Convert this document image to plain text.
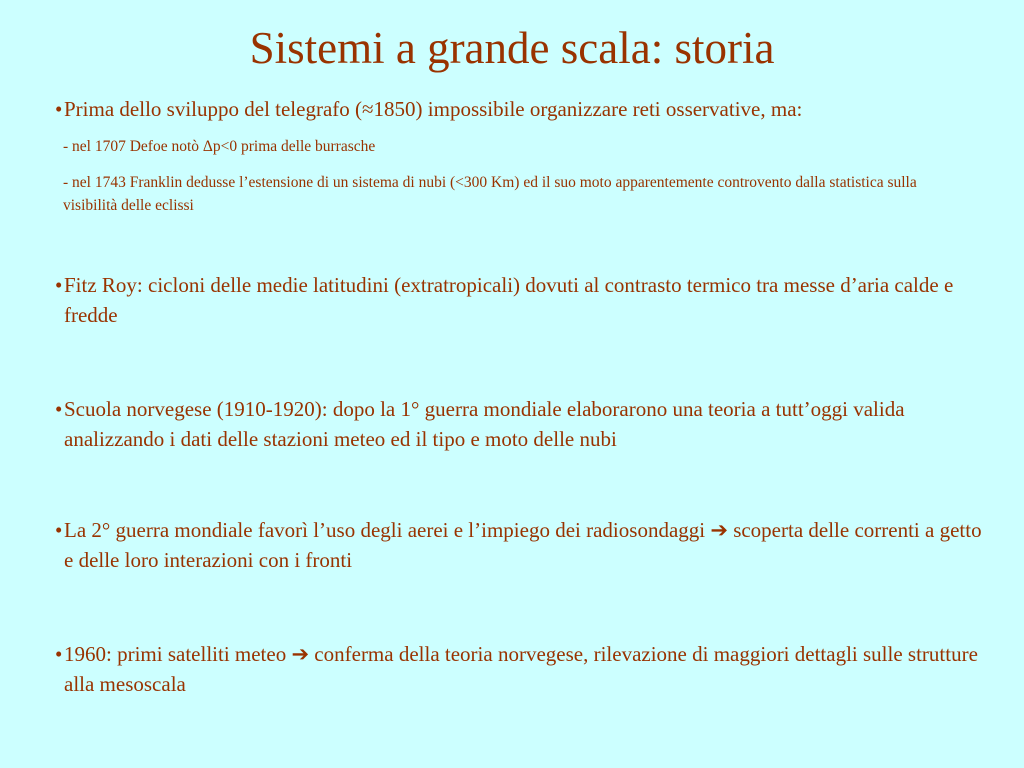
Sistemi a grande scala: storia
• Prima dello sviluppo del telegrafo (≈1850) impossibile organizzare reti osservative, ma:
- nel 1707 Defoe notò Δp<0 prima delle burrasche
- nel 1743 Franklin dedusse l’estensione di un sistema di nubi (<300 Km) ed il suo moto apparentemente controvento dalla statistica sulla visibilità delle eclissi
• Fitz Roy: cicloni delle medie latitudini (extratropicali) dovuti al contrasto termico tra messe d’aria calde e fredde
• Scuola norvegese (1910-1920): dopo la 1° guerra mondiale elaborarono una teoria a tutt’oggi valida analizzando i dati delle stazioni meteo ed il tipo e moto delle nubi
• La 2° guerra mondiale favorì l’uso degli aerei e l’impiego dei radiosondaggi ➔ scoperta delle correnti a getto e delle loro interazioni con i fronti
• 1960: primi satelliti meteo ➔ conferma della teoria norvegese, rilevazione di maggiori dettagli sulle strutture alla mesoscala
